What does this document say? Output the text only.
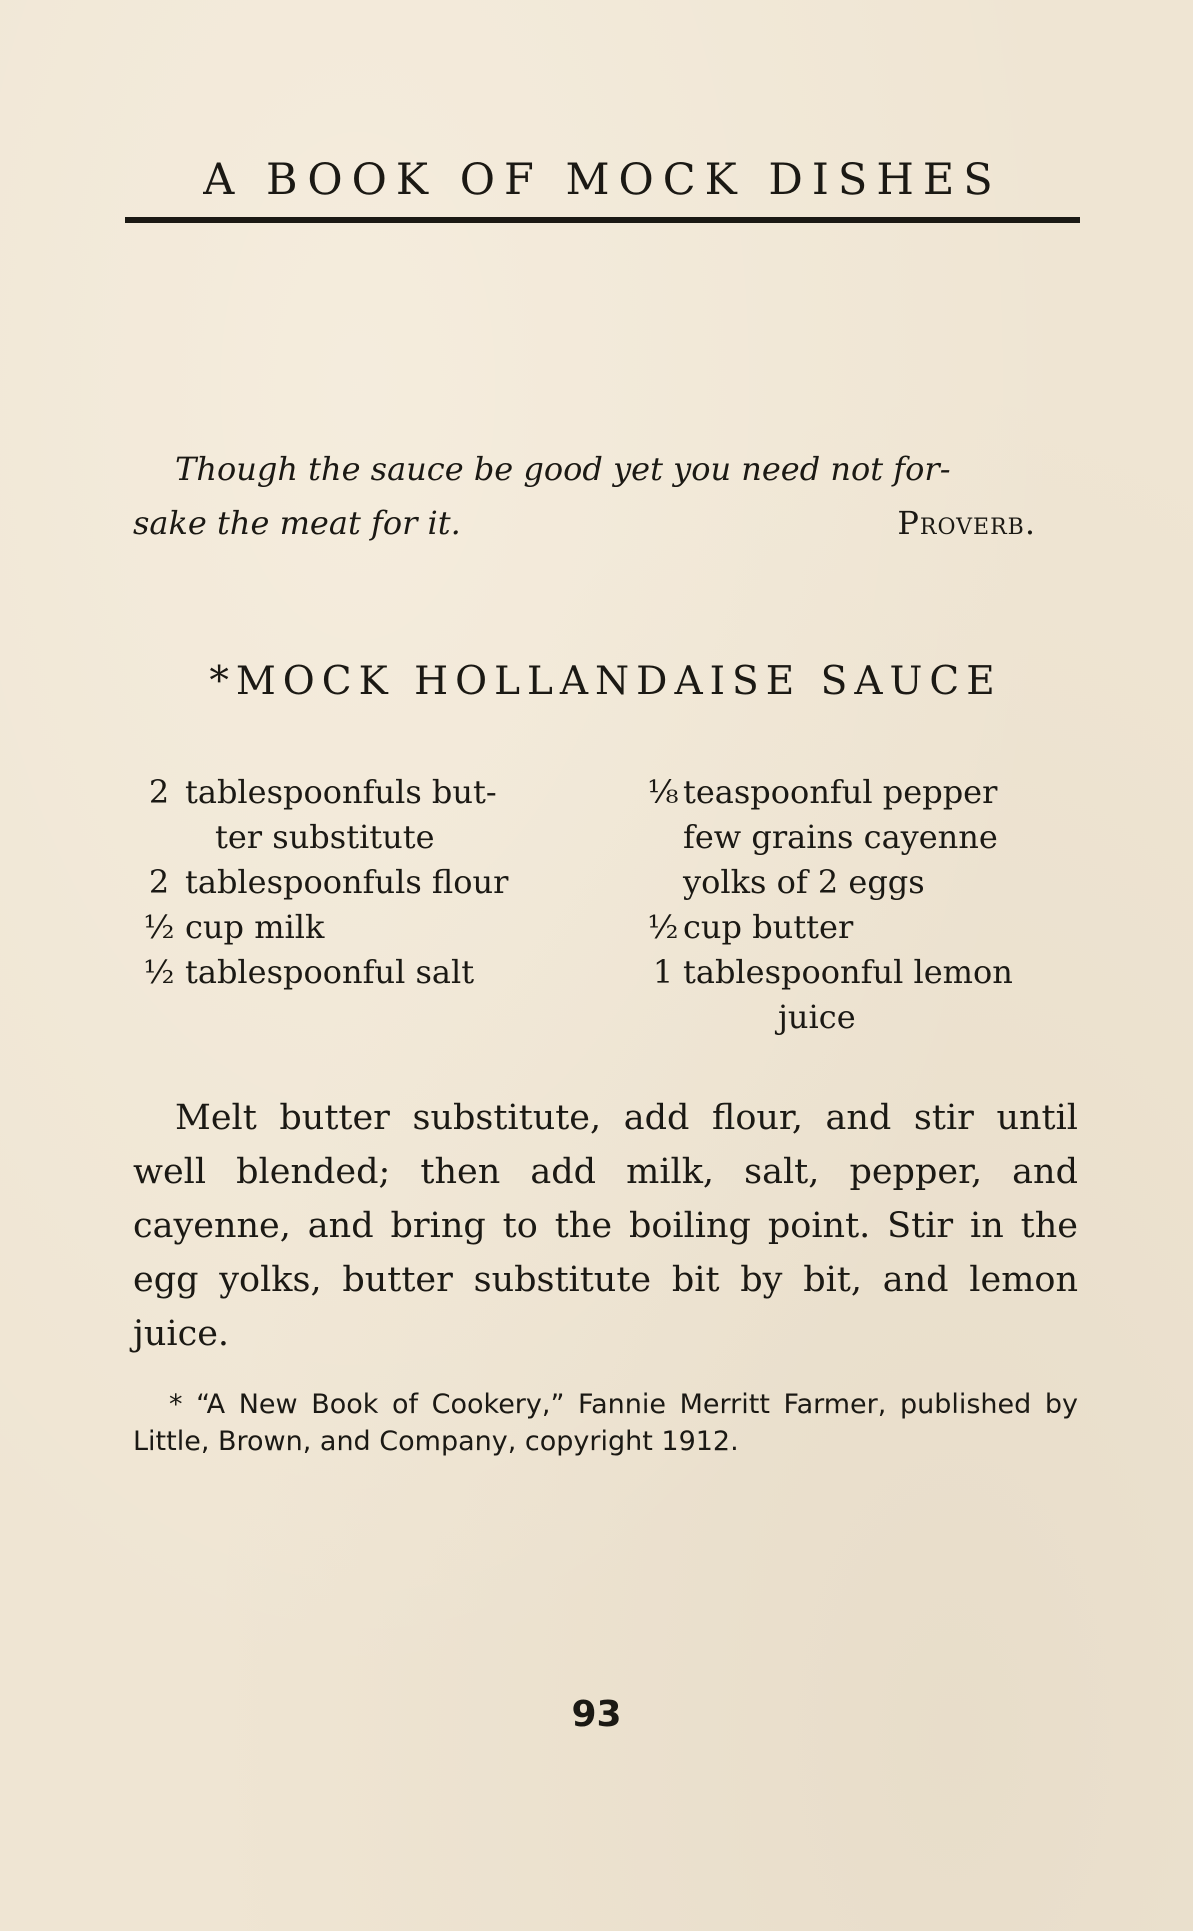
A BOOK OF MOCK DISHES
Though the sauce be good yet you need not for-
sake the meat for it.	Proverb.
*MOCK HOLLANDAISE SAUCE
2 tablespoonfuls but-
ter substitute
2 tablespoonfuls flour
½ cup milk
½ tablespoonful salt
⅛ teaspoonful pepper
few grains cayenne
yolks of 2 eggs
½ cup butter
1 tablespoonful lemon
juice
Melt butter substitute, add flour, and stir until well blended; then add milk, salt, pepper, and cayenne, and bring to the boiling point. Stir in the egg yolks, butter substitute bit by bit, and lemon juice.
* “A New Book of Cookery,” Fannie Merritt Farmer, published by Little, Brown, and Company, copyright 1912.
93
